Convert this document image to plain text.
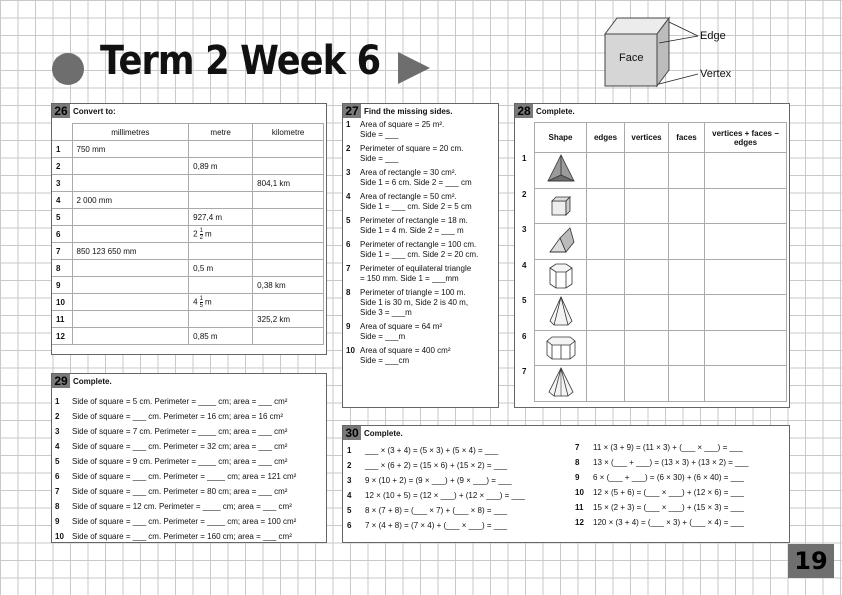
Term 2 Week 6	Face
Edge
Vertex
26 Convert to:
	millimetres	metre	kilometre
1	750 mm		
2		0,89 m	
3			804,1 km
4	2 000 mm		
5		927,4 m	
6		$2 \frac{1}{2}$ m	
7	850 123 650 mm		
8		0,5 m	
9			0,38 km
10		$4 \frac{1}{5}$ m	
11			325,2 km
12		0,85 m	
27 Find the missing sides.
1	Area of square = 25 m².
Side = ___
2	Perimeter of square = 20 cm.
Side = ___
3	Area of rectangle = 30 cm².
Side 1 = 6 cm. Side 2 = ___ cm
4	Area of rectangle = 50 cm².
Side 1 = ___ cm. Side 2 = 5 cm
5	Perimeter of rectangle = 18 m.
Side 1 = 4 m. Side 2 = ___ m
6	Perimeter of rectangle = 100 cm.
Side 1 = ___ cm. Side 2 = 20 cm.
7	Perimeter of equilateral triangle
= 150 mm. Side 1 = ___mm
8	Perimeter of triangle = 100 m.
Side 1 is 30 m, Side 2 is 40 m,
Side 3 = ___m
9	Area of square = 64 m²
Side = ___m
10 Area of square = 400 cm²
Side = ___cm
28 Complete.
Shape	edges	vertices	faces	vertices + faces − edges

1
2
3
4
5
6
7
29 Complete.
1	Side of square = 5 cm. Perimeter = ____ cm; area = ___ cm²
2	Side of square = ___ cm. Perimeter = 16 cm; area = 16 cm²
3	Side of square = 7 cm. Perimeter = ____ cm; area = ___ cm²
4	Side of square = ___ cm. Perimeter = 32 cm; area = ___ cm²
5	Side of square = 9 cm. Perimeter = ____ cm; area = ___ cm²
6	Side of square = ___ cm. Perimeter = ____ cm; area = 121 cm²
7	Side of square = ___ cm. Perimeter = 80 cm; area = ___ cm²
8	Side of square = 12 cm. Perimeter = ____ cm; area = ___ cm²
9	Side of square = ___ cm. Perimeter = ____ cm; area = 100 cm²
10	Side of square = ___ cm. Perimeter = 160 cm; area = ___ cm²
30 Complete.
1	___ × (3 + 4) = (5 × 3) + (5 × 4) = ___
2	___ × (6 + 2) = (15 × 6) + (15 × 2) = ___
3	9 × (10 + 2) = (9 × ___) + (9 × ___) = ___
4	12 × (10 + 5) = (12 × ___) + (12 × ___) = ___
5	8 × (7 + 8) = (___ × 7) + (___ × 8) = ___
6	7 × (4 + 8) = (7 × 4) + (___ × ___) = ___
7	11 × (3 + 9) = (11 × 3) + (___ × ___) = ___
8	13 × (___ + ___) = (13 × 3) + (13 × 2) = ___
9	6 × (___ + ___) = (6 × 30) + (6 × 40) = ___
10	12 × (5 + 6) = (___ × ___) + (12 × 6) = ___
11	15 × (2 + 3) = (___ × ___) + (15 × 3) = ___
12	120 × (3 + 4) = (___ × 3) + (___ × 4) = ___
19
